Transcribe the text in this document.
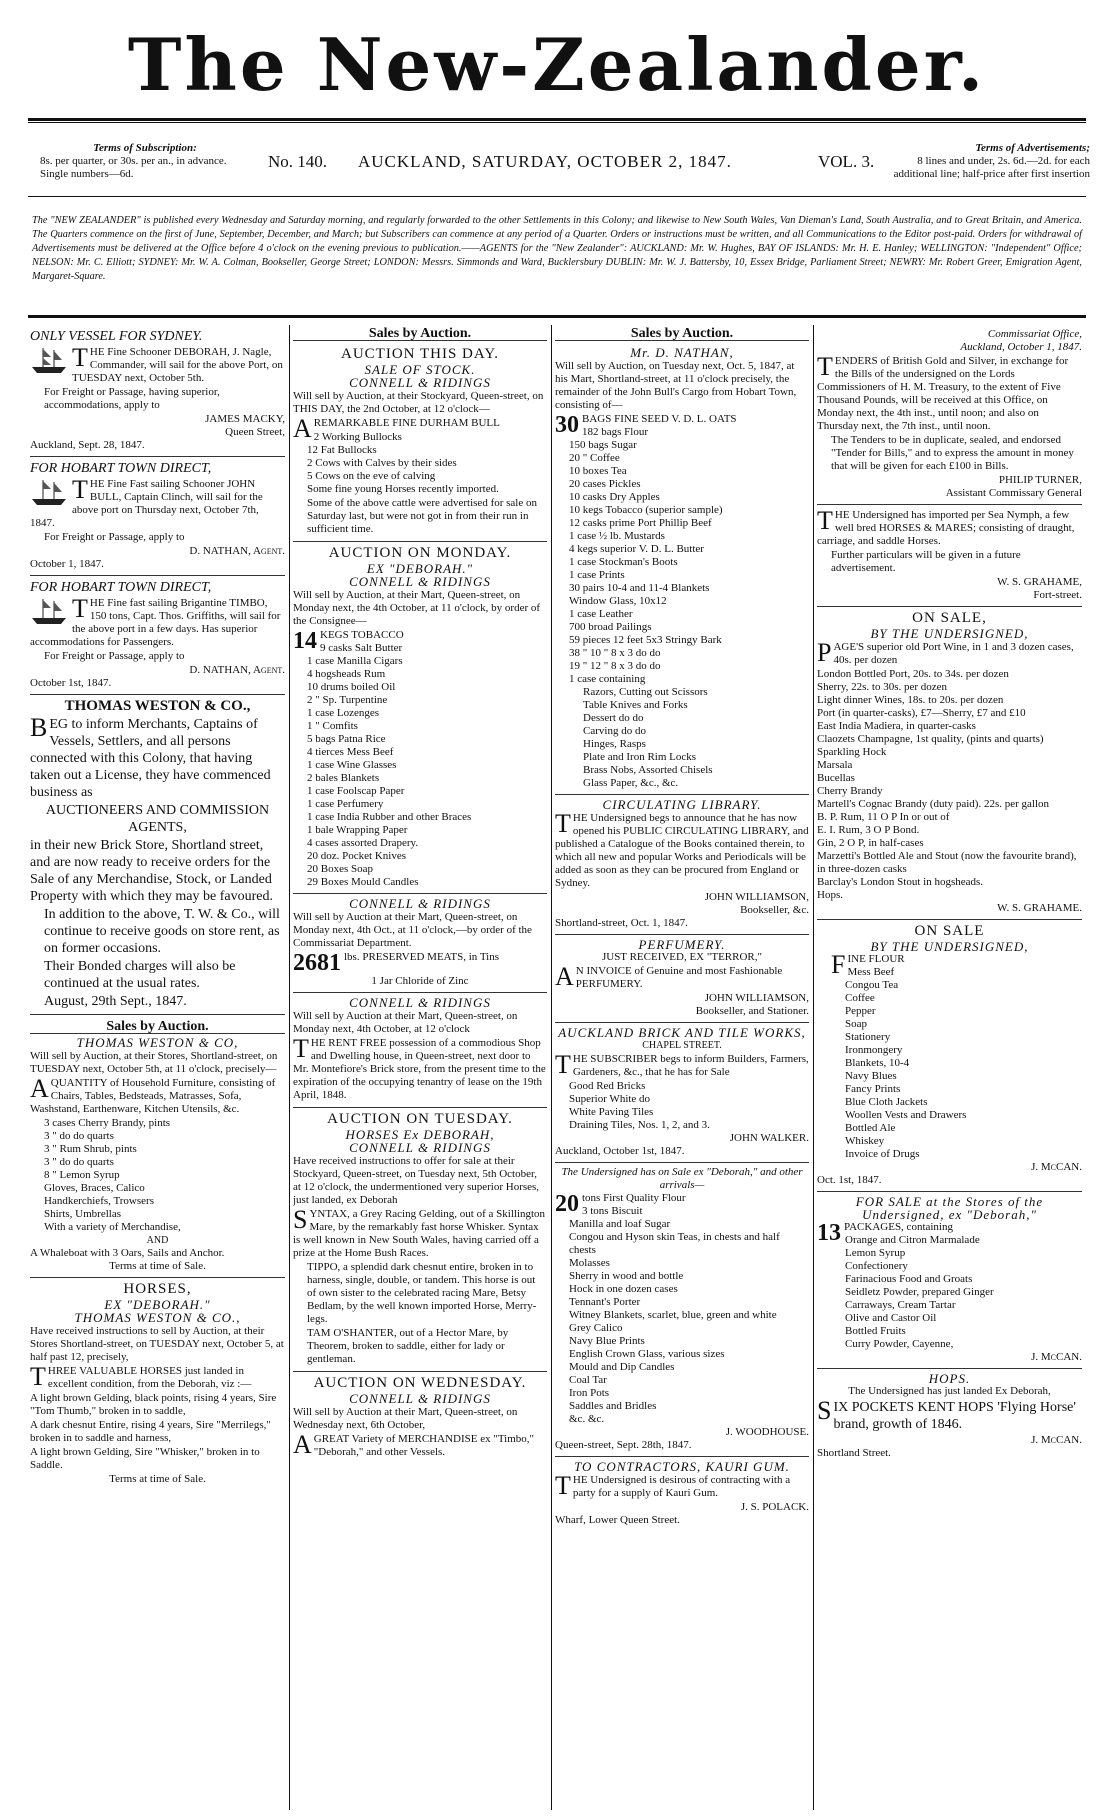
The New-Zealander.
Terms of Subscription:
8s. per quarter, or 30s. per an., in advance.
Single numbers—6d.
No. 140. AUCKLAND, SATURDAY, OCTOBER 2, 1847.	VOL. 3.
Terms of Advertisements;
8 lines and under, 2s. 6d.—2d. for each additional line; half-price after first insertion
The "NEW ZEALANDER" is published every Wednesday and Saturday morning, and regularly forwarded to the other Settlements in this Colony; and likewise to New South Wales, Van Dieman's Land, South Australia, and to Great Britain, and America. The Quarters commence on the first of June, September, December, and March; but Subscribers can commence at any period of a Quarter. Orders or instructions must be written, and all Communications to the Editor post-paid. Orders for withdrawal of Advertisements must be delivered at the Office before 4 o'clock on the evening previous to publication.——AGENTS for the "New Zealander": AUCKLAND: Mr. W. Hughes, BAY OF ISLANDS: Mr. H. E. Hanley; WELLINGTON: "Independent" Office; NELSON: Mr. C. Elliott; SYDNEY: Mr. W. A. Colman, Bookseller, George Street; LONDON: Messrs. Simmonds and Ward, Bucklersbury DUBLIN: Mr. W. J. Battersby, 10, Essex Bridge, Parliament Street; NEWRY: Mr. Robert Greer, Emigration Agent, Margaret-Square.
ONLY VESSEL FOR SYDNEY.
THE Fine Schooner DEBORAH, J. Nagle, Commander, will sail for the above Port, on TUESDAY next, October 5th.
For Freight or Passage, having superior, accommodations, apply to
JAMES MACKY,
Queen Street,
Auckland, Sept. 28, 1847.
FOR HOBART TOWN DIRECT,
THE Fine Fast sailing Schooner JOHN BULL, Captain Clinch, will sail for the above port on Thursday next, October 7th, 1847.
For Freight or Passage, apply to
D. NATHAN, Agent.
October 1, 1847.
FOR HOBART TOWN DIRECT,
THE Fine fast sailing Brigantine TIMBO, 150 tons, Capt. Thos. Griffiths, will sail for the above port in a few days. Has superior accommodations for Passengers.
For Freight or Passage, apply to
D. NATHAN, Agent.
October 1st, 1847.
THOMAS WESTON & CO.,
BEG to inform Merchants, Captains of Vessels, Settlers, and all persons connected with this Colony, that having taken out a License, they have commenced business as
AUCTIONEERS AND COMMISSION AGENTS,
in their new Brick Store, Shortland street, and are now ready to receive orders for the Sale of any Merchandise, Stock, or Landed Property with which they may be favoured.
In addition to the above, T. W. & Co., will continue to receive goods on store rent, as on former occasions.
Their Bonded charges will also be continued at the usual rates.
August, 29th Sept., 1847.
Sales by Auction.
THOMAS WESTON & CO,
Will sell by Auction, at their Stores, Shortland-street, on TUESDAY next, October 5th, at 11 o'clock, precisely—
AQUANTITY of Household Furniture, consisting of Chairs, Tables, Bedsteads, Matrasses, Sofa, Washstand, Earthenware, Kitchen Utensils, &c.
3 cases Cherry Brandy, pints
3 " do do quarts
3 " Rum Shrub, pints
3 " do do quarts
8 " Lemon Syrup
Gloves, Braces, Calico
Handkerchiefs, Trowsers
Shirts, Umbrellas
With a variety of Merchandise,
AND
A Whaleboat with 3 Oars, Sails and Anchor.
Terms at time of Sale.
HORSES,
EX "DEBORAH."
THOMAS WESTON & CO.,
Have received instructions to sell by Auction, at their Stores Shortland-street, on TUESDAY next, October 5, at half past 12, precisely,
THREE VALUABLE HORSES just landed in excellent condition, from the Deborah, viz :—
A light brown Gelding, black points, rising 4 years, Sire "Tom Thumb," broken in to saddle,
A dark chesnut Entire, rising 4 years, Sire "Merrilegs," broken in to saddle and harness,
A light brown Gelding, Sire "Whisker," broken in to Saddle.
Terms at time of Sale.
Sales by Auction.
AUCTION THIS DAY.
SALE OF STOCK.
CONNELL & RIDINGS
Will sell by Auction, at their Stockyard, Queen-street, on THIS DAY, the 2nd October, at 12 o'clock—
AREMARKABLE FINE DURHAM BULL
2 Working Bullocks
12 Fat Bullocks
2 Cows with Calves by their sides
5 Cows on the eve of calving
Some fine young Horses recently imported.
Some of the above cattle were advertised for sale on Saturday last, but were not got in from their run in sufficient time.
AUCTION ON MONDAY.
EX "DEBORAH."
CONNELL & RIDINGS
Will sell by Auction, at their Mart, Queen-street, on Monday next, the 4th October, at 11 o'clock, by order of the Consignee—
14 KEGS TOBACCO
9 casks Salt Butter
1 case Manilla Cigars
4 hogsheads Rum
10 drums boiled Oil
2 " Sp. Turpentine
1 case Lozenges
1 " Comfits
5 bags Patna Rice
4 tierces Mess Beef
1 case Wine Glasses
2 bales Blankets
1 case Foolscap Paper
1 case Perfumery
1 case India Rubber and other Braces
1 bale Wrapping Paper
4 cases assorted Drapery.
20 doz. Pocket Knives
20 Boxes Soap
29 Boxes Mould Candles
CONNELL & RIDINGS
Will sell by Auction at their Mart, Queen-street, on Monday next, 4th Oct., at 11 o'clock,—by order of the Commissariat Department.
2681 lbs. PRESERVED MEATS, in Tins
1 Jar Chloride of Zinc
CONNELL & RIDINGS
Will sell by Auction at their Mart, Queen-street, on Monday next, 4th October, at 12 o'clock
THE RENT FREE possession of a commodious Shop and Dwelling house, in Queen-street, next door to Mr. Montefiore's Brick store, from the present time to the expiration of the occupying tenantry of lease on the 19th April, 1848.
AUCTION ON TUESDAY.
HORSES Ex DEBORAH,
CONNELL & RIDINGS
Have received instructions to offer for sale at their Stockyard, Queen-street, on Tuesday next, 5th October, at 12 o'clock, the undermentioned very superior Horses, just landed, ex Deborah
SYNTAX, a Grey Racing Gelding, out of a Skillington Mare, by the remarkably fast horse Whisker. Syntax is well known in New South Wales, having carried off a prize at the Home Bush Races.
TIPPO, a splendid dark chesnut entire, broken in to harness, single, double, or tandem. This horse is out of own sister to the celebrated racing Mare, Betsy Bedlam, by the well known imported Horse, Merry-legs.
TAM O'SHANTER, out of a Hector Mare, by Theorem, broken to saddle, either for lady or gentleman.
AUCTION ON WEDNESDAY.
CONNELL & RIDINGS
Will sell by Auction at their Mart, Queen-street, on Wednesday next, 6th October,
AGREAT Variety of MERCHANDISE ex "Timbo," "Deborah," and other Vessels.
Sales by Auction.
Mr. D. NATHAN,
Will sell by Auction, on Tuesday next, Oct. 5, 1847, at his Mart, Shortland-street, at 11 o'clock precisely, the remainder of the John Bull's Cargo from Hobart Town, consisting of—
30 BAGS FINE SEED V. D. L. OATS
182 bags Flour
150 bags Sugar
20 " Coffee
10 boxes Tea
20 cases Pickles
10 casks Dry Apples
10 kegs Tobacco (superior sample)
12 casks prime Port Phillip Beef
1 case ½ lb. Mustards
4 kegs superior V. D. L. Butter
1 case Stockman's Boots
1 case Prints
30 pairs 10-4 and 11-4 Blankets
Window Glass, 10x12
1 case Leather
700 broad Pailings
59 pieces 12 feet 5x3 Stringy Bark
38 " 10 " 8 x 3 do do
19 " 12 " 8 x 3 do do
1 case containing
Razors, Cutting out Scissors
Table Knives and Forks
Dessert do do
Carving do do
Hinges, Rasps
Plate and Iron Rim Locks
Brass Nobs, Assorted Chisels
Glass Paper, &c., &c.
CIRCULATING LIBRARY.
THE Undersigned begs to announce that he has now opened his PUBLIC CIRCULATING LIBRARY, and published a Catalogue of the Books contained therein, to which all new and popular Works and Periodicals will be added as soon as they can be procured from England or Sydney.
JOHN WILLIAMSON,
Bookseller, &c.
Shortland-street, Oct. 1, 1847.
PERFUMERY.
JUST RECEIVED, EX "TERROR,"
A N INVOICE of Genuine and most Fashionable PERFUMERY.
JOHN WILLIAMSON,
Bookseller, and Stationer.
AUCKLAND BRICK AND TILE WORKS,
CHAPEL STREET.
THE SUBSCRIBER begs to inform Builders, Farmers, Gardeners, &c., that he has for Sale
Good Red Bricks
Superior White do
White Paving Tiles
Draining Tiles, Nos. 1, 2, and 3.
JOHN WALKER.
Auckland, October 1st, 1847.
The Undersigned has on Sale ex "Deborah," and other arrivals—
20 tons First Quality Flour
3 tons Biscuit
Manilla and loaf Sugar
Congou and Hyson skin Teas, in chests and half chests
Molasses
Sherry in wood and bottle
Hock in one dozen cases
Tennant's Porter
Witney Blankets, scarlet, blue, green and white
Grey Calico
Navy Blue Prints
English Crown Glass, various sizes
Mould and Dip Candles
Coal Tar
Iron Pots
Saddles and Bridles
&c. &c.
J. WOODHOUSE.
Queen-street, Sept. 28th, 1847.
TO CONTRACTORS, KAURI GUM.
THE Undersigned is desirous of contracting with a party for a supply of Kauri Gum.
J. S. POLACK.
Wharf, Lower Queen Street.
Commissariat Office,
Auckland, October 1, 1847.
TENDERS of British Gold and Silver, in exchange for the Bills of the undersigned on the Lords Commissioners of H. M. Treasury, to the extent of Five Thousand Pounds, will be received at this Office, on Monday next, the 4th inst., until noon; and also on Thursday next, the 7th inst., until noon.
The Tenders to be in duplicate, sealed, and endorsed "Tender for Bills," and to express the amount in money that will be given for each £100 in Bills.
PHILIP TURNER,
Assistant Commissary General
THE Undersigned has imported per Sea Nymph, a few well bred HORSES & MARES; consisting of draught, carriage, and saddle Horses.
Further particulars will be given in a future advertisement.
W. S. GRAHAME,
Fort-street.
ON SALE,
BY THE UNDERSIGNED,
PAGE'S superior old Port Wine, in 1 and 3 dozen cases, 40s. per dozen
London Bottled Port, 20s. to 34s. per dozen
Sherry, 22s. to 30s. per dozen
Light dinner Wines, 18s. to 20s. per dozen
Port (in quarter-casks), £7—Sherry, £7 and £10
East India Madiera, in quarter-casks
Claozets Champagne, 1st quality, (pints and quarts)
Sparkling Hock
Marsala
Bucellas
Cherry Brandy
Martell's Cognac Brandy (duty paid). 22s. per gallon
B. P. Rum, 11 O P In or out of
E. I. Rum, 3 O P Bond.
Gin, 2 O P, in half-cases
Marzetti's Bottled Ale and Stout (now the favourite brand), in three-dozen casks
Barclay's London Stout in hogsheads.
Hops.
W. S. GRAHAME.
ON SALE
BY THE UNDERSIGNED,
FINE FLOUR
Mess Beef
Congou Tea
Coffee
Pepper
Soap
Stationery
Ironmongery
Blankets, 10-4
Navy Blues
Fancy Prints
Blue Cloth Jackets
Woollen Vests and Drawers
Bottled Ale
Whiskey
Invoice of Drugs
J. McCAN.
Oct. 1st, 1847.
FOR SALE at the Stores of the Undersigned, ex "Deborah,"
13 PACKAGES, containing
Orange and Citron Marmalade
Lemon Syrup
Confectionery
Farinacious Food and Groats
Seidletz Powder, prepared Ginger
Carraways, Cream Tartar
Olive and Castor Oil
Bottled Fruits
Curry Powder, Cayenne,
J. McCAN.
HOPS.
The Undersigned has just landed Ex Deborah,
SIX POCKETS KENT HOPS 'Flying Horse' brand, growth of 1846.
J. McCAN.
Shortland Street.
